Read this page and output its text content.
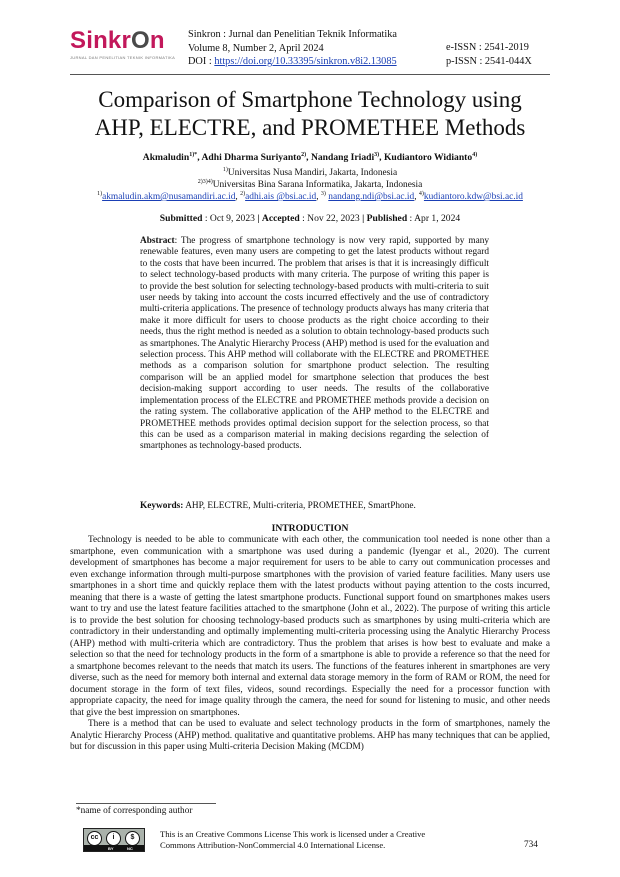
SinkrOn
JURNAL DAN PENELITIAN TEKNIK INFORMATIKA
Sinkron : Jurnal dan Penelitian Teknik Informatika
Volume 8, Number 2, April 2024
DOI : https://doi.org/10.33395/sinkron.v8i2.13085
e-ISSN : 2541-2019
p-ISSN : 2541-044X
Comparison of Smartphone Technology using
AHP, ELECTRE, and PROMETHEE Methods
Akmaludin$^{1)*}$, Adhi Dharma Suriyanto$^{2)}$, Nandang Iriadi$^{3)}$, Kudiantoro Widianto$^{4)}$
$^{1)}$Universitas Nusa Mandiri, Jakarta, Indonesia
$^{2)3)4)}$Universitas Bina Sarana Informatika, Jakarta, Indonesia
$^{1)}$akmaludin.akm@nusamandiri.ac.id, $^{2)}$adhi.ais @bsi.ac.id, $^{3)}$ nandang.ndi@bsi.ac.id, $^{4)}$kudiantoro.kdw@bsi.ac.id
Submitted : Oct 9, 2023 | Accepted : Nov 22, 2023 | Published : Apr 1, 2024
Abstract: The progress of smartphone technology is now very rapid, supported by many renewable features, even many users are competing to get the latest products without regard to the costs that have been incurred. The problem that arises is that it is increasingly difficult to select technology-based products with many criteria. The purpose of writing this paper is to provide the best solution for selecting technology-based products with multi-criteria to suit user needs by taking into account the costs incurred effectively and the use of contradictory multi-criteria applications. The presence of technology products always has many criteria that make it more difficult for users to choose products as the right choice according to their needs, thus the right method is needed as a solution to obtain technology-based products such as smartphones. The Analytic Hierarchy Process (AHP) method is used for the evaluation and selection process. This AHP method will collaborate with the ELECTRE and PROMETHEE methods as a comparison solution for smartphone product selection. The resulting comparison will be an applied model for smartphone selection that produces the best decision-making support according to user needs. The results of the collaborative implementation process of the ELECTRE and PROMETHEE methods provide a decision on the rating system. The collaborative application of the AHP method to the ELECTRE and PROMETHEE methods provides optimal decision support for the selection process, so that this can be used as a comparison material in making decisions regarding the selection of smartphones as technology-based products.
Keywords: AHP, ELECTRE, Multi-criteria, PROMETHEE, SmartPhone.
INTRODUCTION

Technology is needed to be able to communicate with each other, the communication tool needed is none other than a smartphone, even communication with a smartphone was used during a pandemic (Iyengar et al., 2020). The current development of smartphones has become a major requirement for users to be able to carry out communication processes and even exchange information through multi-purpose smartphones with the provision of varied feature facilities. Many users use smartphones in a short time and quickly replace them with the latest products without paying attention to the costs incurred, meaning that there is a waste of getting the latest smartphone products. Functional support found on smartphones makes users want to try and use the latest feature facilities attached to the smartphone (John et al., 2022). The purpose of writing this article is to provide the best solution for choosing technology-based products such as smartphones by using multi-criteria which are contradictory in their understanding and optimally implementing multi-criteria processing using the Analytic Hierarchy Process (AHP) method with multi-criteria which are contradictory. Thus the problem that arises is how best to evaluate and make a selection so that the need for technology products in the form of a smartphone is able to provide a reference so that the need for a smartphone becomes relevant to the needs that match its users. The functions of the features inherent in smartphones are very diverse, such as the need for memory both internal and external data storage memory in the form of RAM or ROM, the need for document storage in the form of text files, videos, sound recordings. Especially the need for a processor function with appropriate capacity, the need for image quality through the camera, the need for sound for listening to music, and other needs that give the best impression on smartphones.

There is a method that can be used to evaluate and select technology products in the form of smartphones, namely the Analytic Hierarchy Process (AHP) method. qualitative and quantitative problems. AHP has many techniques that can be applied, but for discussion in this paper using Multi-criteria Decision Making (MCDM)

*name of corresponding author
cc	i	$
BY	NC
This is an Creative Commons License This work is licensed under a Creative
Commons Attribution-NonCommercial 4.0 International License.	734
